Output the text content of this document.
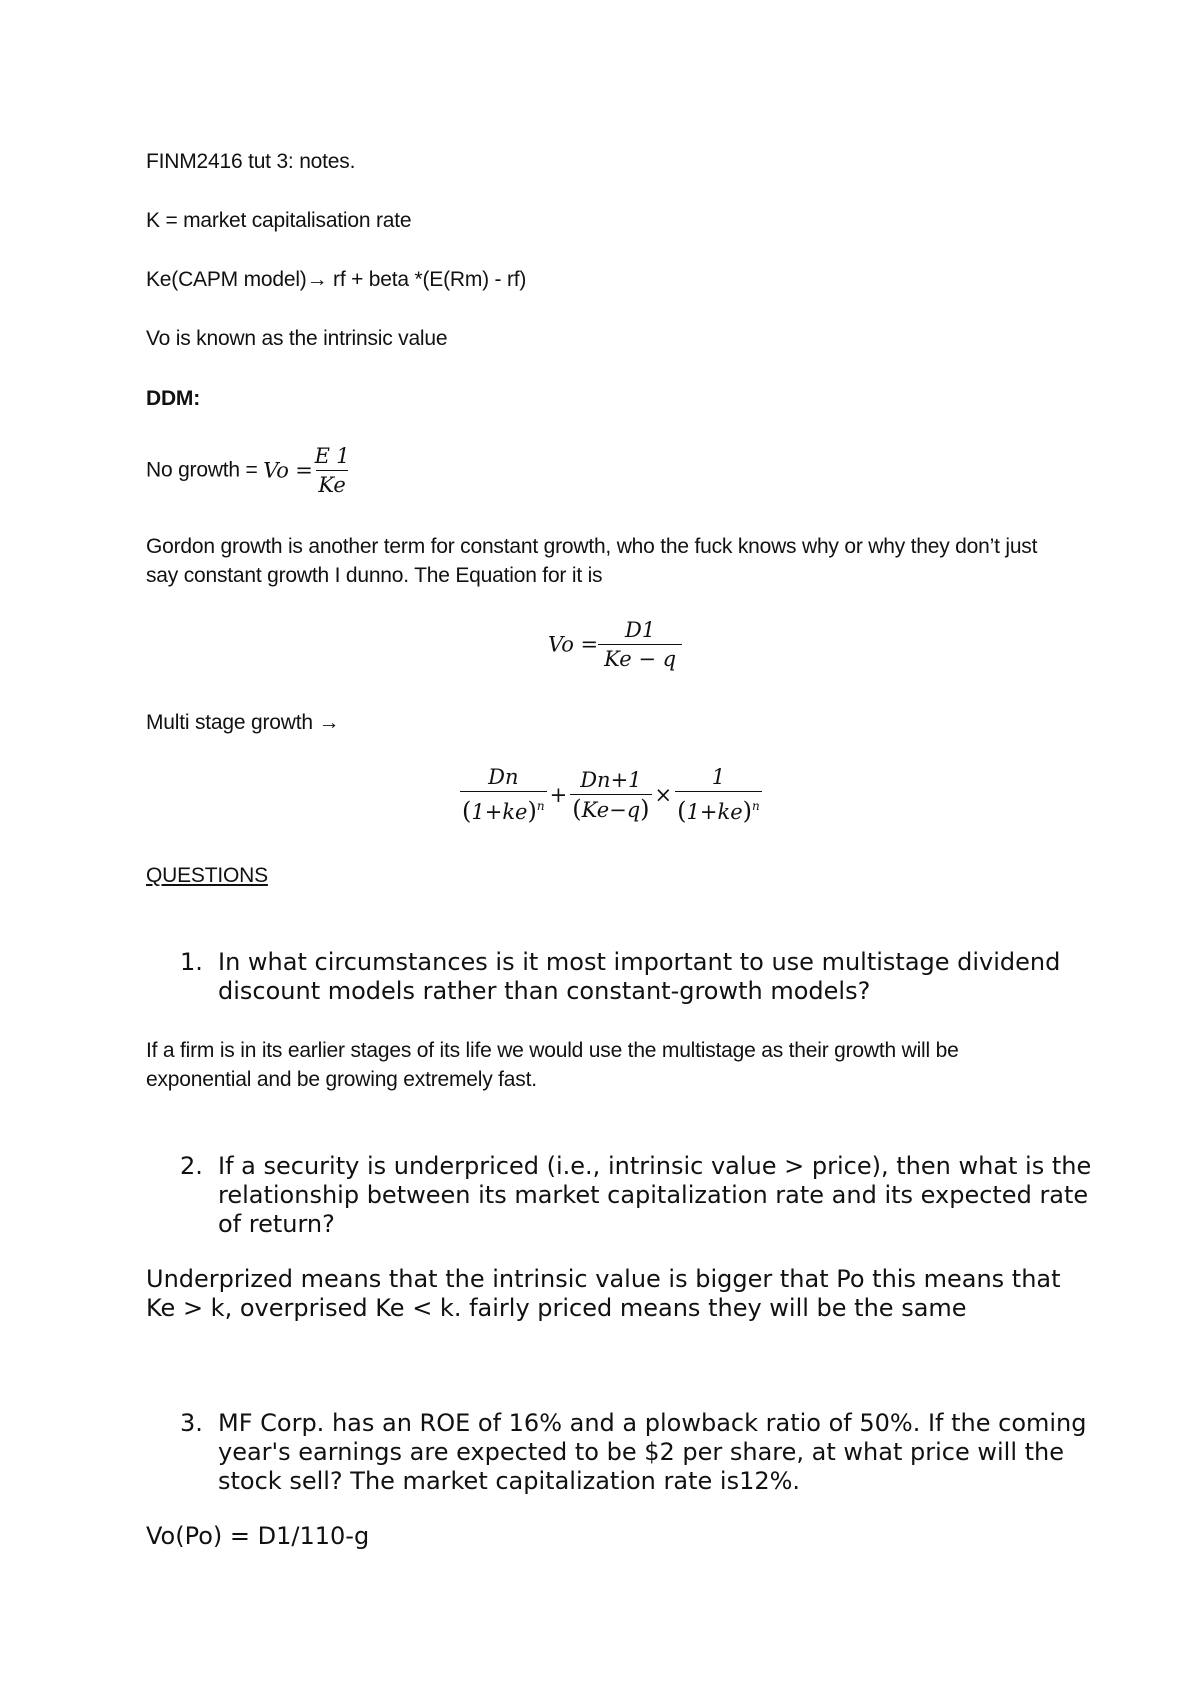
FINM2416 tut 3: notes.
K = market capitalisation rate
Ke(CAPM model)→ rf + beta *(E(Rm) - rf)
Vo is known as the intrinsic value
DDM:
No growth = $Vo = \frac{E 1}{Ke}$
Gordon growth is another term for constant growth, who the fuck knows why or why they don’t just say constant growth I dunno. The Equation for it is
$Vo = \frac{D1}{Ke - q}$
Multi stage growth →
$\frac{Dn}{(1+ke)^n} + \frac{Dn+1}{(Ke-q)} \times \frac{1}{(1+ke)^n}$
QUESTIONS
1. In what circumstances is it most important to use multistage dividend discount models rather than constant-growth models?
If a firm is in its earlier stages of its life we would use the multistage as their growth will be exponential and be growing extremely fast.
2. If a security is underpriced (i.e., intrinsic value > price), then what is the relationship between its market capitalization rate and its expected rate of return?
Underprized means that the intrinsic value is bigger that Po this means that Ke > k, overprised Ke < k. fairly priced means they will be the same
3. MF Corp. has an ROE of 16% and a plowback ratio of 50%. If the coming year's earnings are expected to be $2 per share, at what price will the stock sell? The market capitalization rate is12%.
Vo(Po) = D1/110-g
